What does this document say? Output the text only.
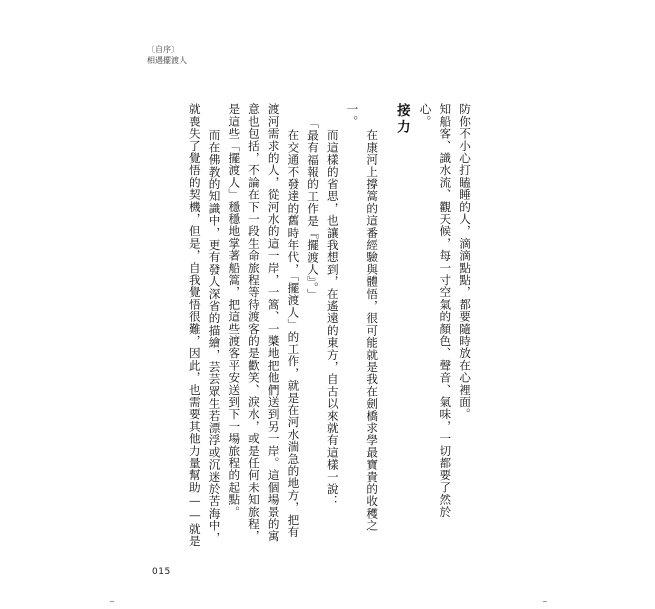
〔自序〕
相遇擺渡人

防你不小心打瞌睡的人，滴滴點點，都要隨時放在心裡面。

知船客、識水流、觀天候，每一寸空氣的顏色、聲音、氣味，一切都要了然於

心。

接力

在康河上撐篙的這番經驗與體悟，很可能就是我在劍橋求學最寶貴的收穫之

一。

而這樣的省思，也讓我想到，在遙遠的東方，自古以來就有這樣一說：

「最有福報的工作是『擺渡人』。」

在交通不發達的舊時年代，「擺渡人」的工作，就是在河水湍急的地方，把有

渡河需求的人，從河水的這一岸，一篙、一槳地把他們送到另一岸。這個場景的寓

意也包括，不論在下一段生命旅程等待渡客的是歡笑、淚水，或是任何未知旅程，

是這些「擺渡人」穩穩地掌著船篙，把這些渡客平安送到下一場旅程的起點。

而在佛教的知識中，更有發人深省的描繪，芸芸眾生若漂浮或沉迷於苦海中，

就喪失了覺悟的契機，但是，自我覺悟很難，因此，也需要其他力量幫助——就是

015
